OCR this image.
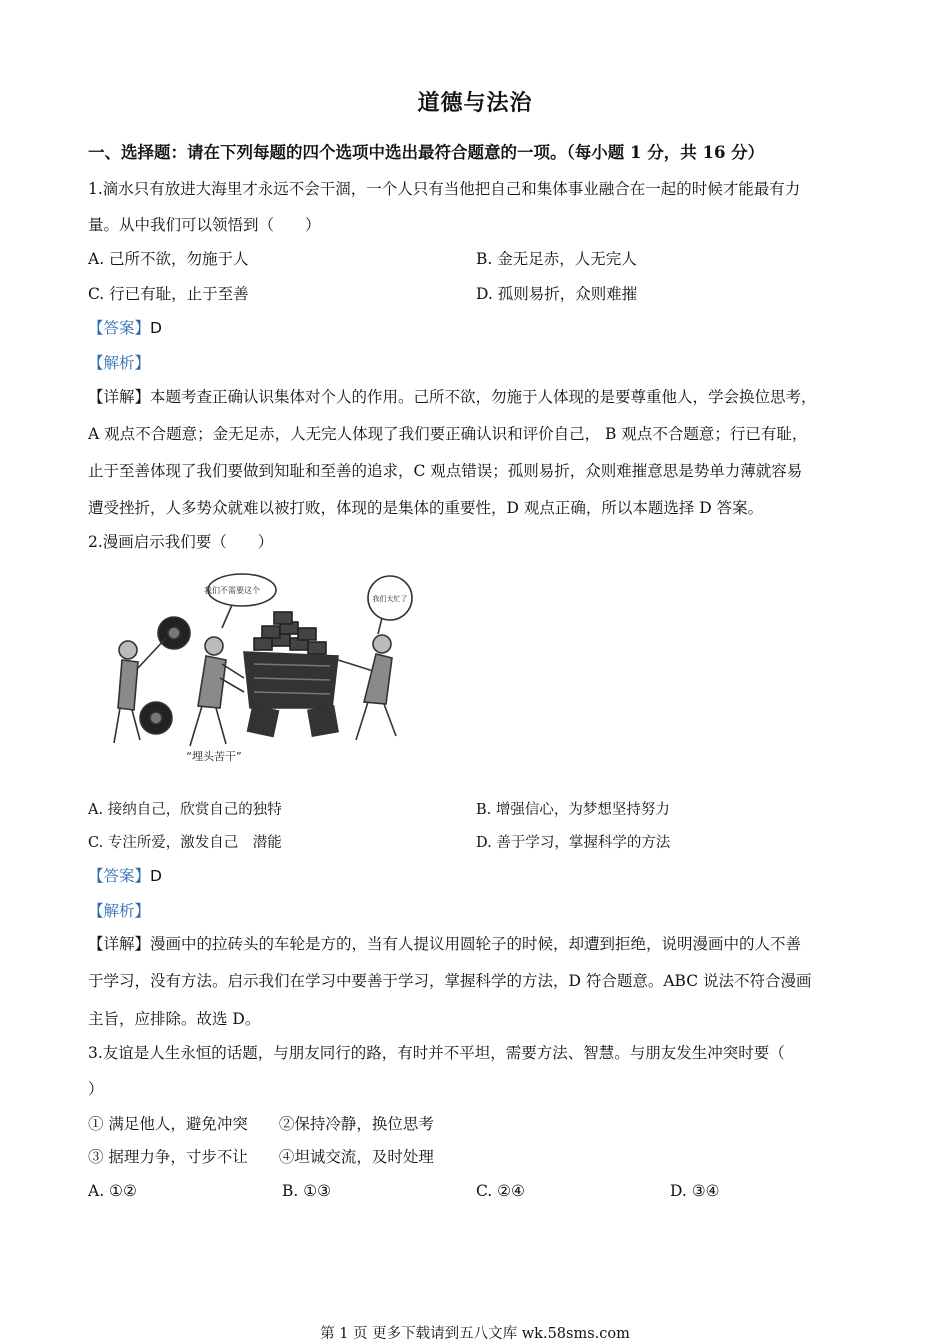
道德与法治
一、选择题：请在下列每题的四个选项中选出最符合题意的一项。（每小题 1 分，共 16 分）
1.滴水只有放进大海里才永远不会干涸，一个人只有当他把自己和集体事业融合在一起的时候才能最有力
量。从中我们可以领悟到（　　）
A. 己所不欲，勿施于人	B. 金无足赤，人无完人
C. 行已有耻，止于至善	D. 孤则易折，众则难摧
【答案】D
【解析】
【详解】本题考查正确认识集体对个人的作用。己所不欲，勿施于人体现的是要尊重他人，学会换位思考，
A 观点不合题意；金无足赤，人无完人体现了我们要正确认识和评价自己， B 观点不合题意；行已有耻，
止于至善体现了我们要做到知耻和至善的追求，C 观点错误；孤则易折，众则难摧意思是势单力薄就容易
遭受挫折，人多势众就难以被打败，体现的是集体的重要性，D 观点正确，所以本题选择 D 答案。
2.漫画启示我们要（　　）
我们不需要这个
我们太忙了
“埋头苦干”
A. 接纳自己，欣赏自己的独特	B. 增强信心，为梦想坚持努力
C. 专注所爱，激发自己　潜能	D. 善于学习，掌握科学的方法
【答案】D
【解析】
【详解】漫画中的拉砖头的车轮是方的，当有人提议用圆轮子的时候，却遭到拒绝，说明漫画中的人不善
于学习，没有方法。启示我们在学习中要善于学习，掌握科学的方法，D 符合题意。ABC 说法不符合漫画
主旨，应排除。故选 D。
3.友谊是人生永恒的话题，与朋友同行的路，有时并不平坦，需要方法、智慧。与朋友发生冲突时要（
）
① 满足他人，避免冲突　　②保持冷静，换位思考
③ 据理力争，寸步不让　　④坦诚交流，及时处理
A. ①②	B. ①③	C. ②④	D. ③④
第 1 页 更多下载请到五八文库 wk.58sms.com
